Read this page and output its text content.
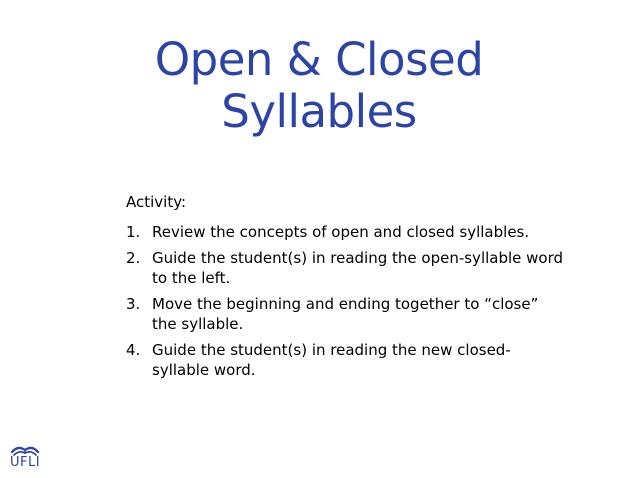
Open & Closed
Syllables

Activity:

1. Review the concepts of open and closed syllables.
2. Guide the student(s) in reading the open-syllable word to the left.
3. Move the beginning and ending together to “close” the syllable.
4. Guide the student(s) in reading the new closed-syllable word.
UFLI
